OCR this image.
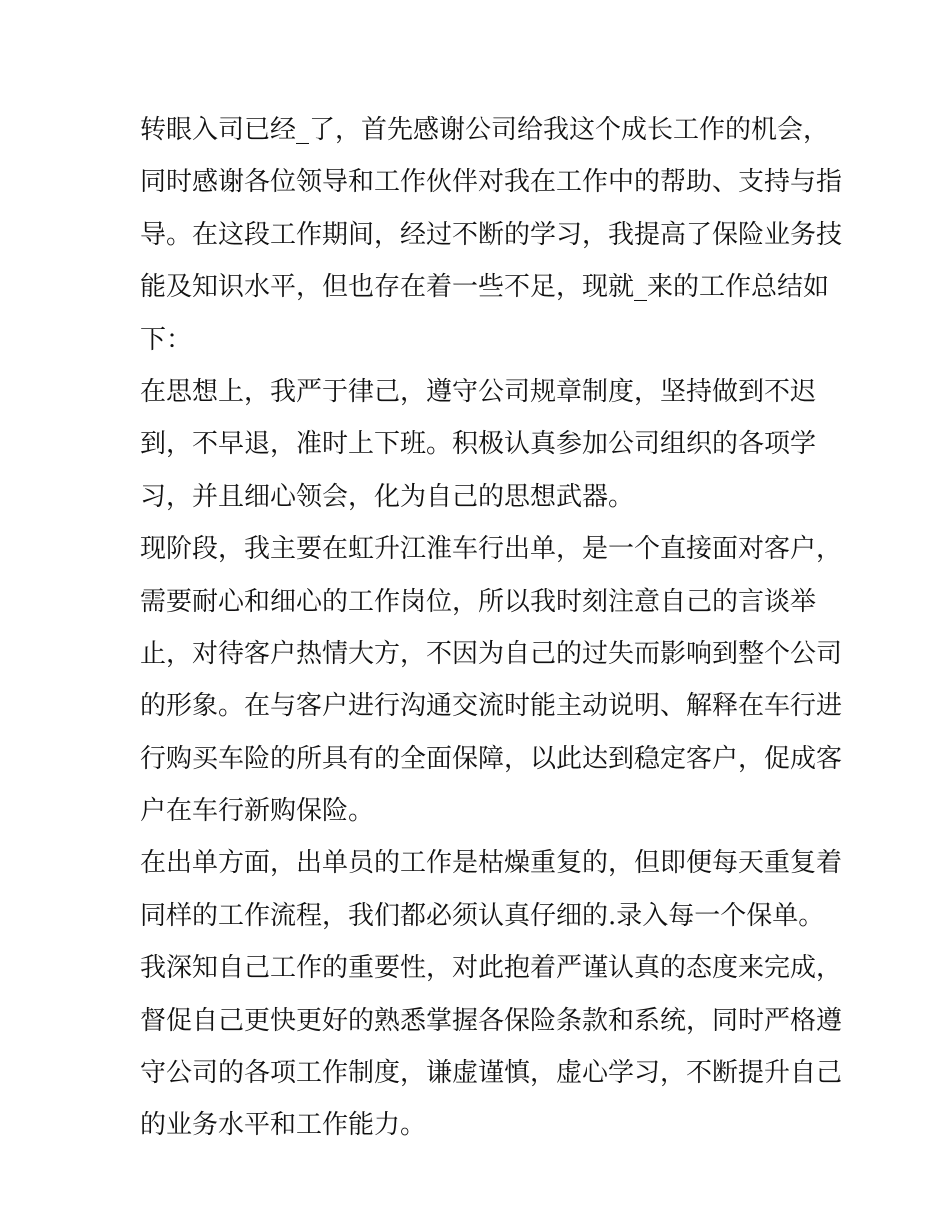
转眼入司已经_了，首先感谢公司给我这个成长工作的机会，
同时感谢各位领导和工作伙伴对我在工作中的帮助、支持与指
导。在这段工作期间，经过不断的学习，我提高了保险业务技
能及知识水平，但也存在着一些不足，现就_来的工作总结如
下：

在思想上，我严于律己，遵守公司规章制度，坚持做到不迟
到，不早退，准时上下班。积极认真参加公司组织的各项学
习，并且细心领会，化为自己的思想武器。

现阶段，我主要在虹升江淮车行出单，是一个直接面对客户，
需要耐心和细心的工作岗位，所以我时刻注意自己的言谈举
止，对待客户热情大方，不因为自己的过失而影响到整个公司
的形象。在与客户进行沟通交流时能主动说明、解释在车行进
行购买车险的所具有的全面保障，以此达到稳定客户，促成客
户在车行新购保险。

在出单方面，出单员的工作是枯燥重复的，但即便每天重复着
同样的工作流程，我们都必须认真仔细的.录入每一个保单。
我深知自己工作的重要性，对此抱着严谨认真的态度来完成，
督促自己更快更好的熟悉掌握各保险条款和系统，同时严格遵
守公司的各项工作制度，谦虚谨慎，虚心学习，不断提升自己
的业务水平和工作能力。
